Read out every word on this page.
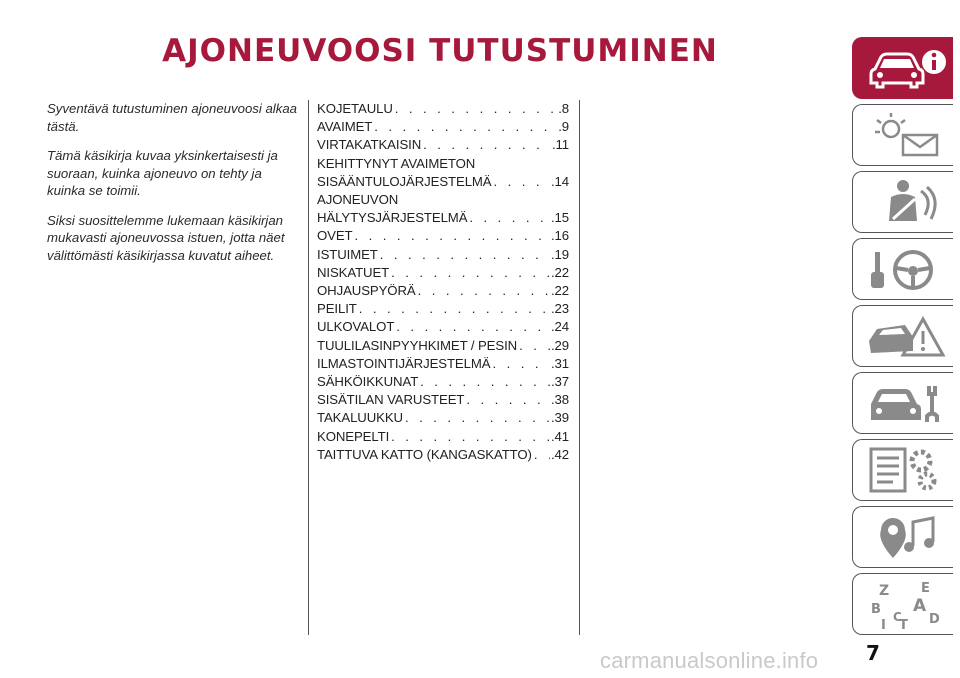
AJONEUVOOSI TUTUSTUMINEN

Syventävä tutustuminen ajoneuvoosi alkaa tästä.

Tämä käsikirja kuvaa yksinkertaisesti ja suoraan, kuinka ajoneuvo on tehty ja kuinka se toimii.

Siksi suosittelemme lukemaan käsikirjan mukavasti ajoneuvossa istuen, jotta näet välittömästi käsikirjassa kuvatut aiheet.

KOJETAULU . . .	.8
AVAIMET . . .	.9
VIRTAKATKAISIN . . .	.11
KEHITTYNYT AVAIMETON
SISÄÄNTULOJÄRJESTELMÄ . . .	.14
AJONEUVON
HÄLYTYSJÄRJESTELMÄ . . .	.15
OVET . . .	.16
ISTUIMET . . .	.19
NISKATUET . . .	.22
OHJAUSPYÖRÄ . . .	.22
PEILIT . . .	.23
ULKOVALOT . . .	.24
TUULILASINPYYHKIMET / PESIN . . .	.29
ILMASTOINTIJÄRJESTELMÄ . . .	.31
SÄHKÖIKKUNAT . . .	.37
SISÄTILAN VARUSTEET . . .	.38
TAKALUUKKU . . .	.39
KONEPELTI . . .	.41
TAITTUVA KATTO (KANGASKATTO) . . . .42
Z E
A
B C D
T
I
7
carmanualsonline.info
